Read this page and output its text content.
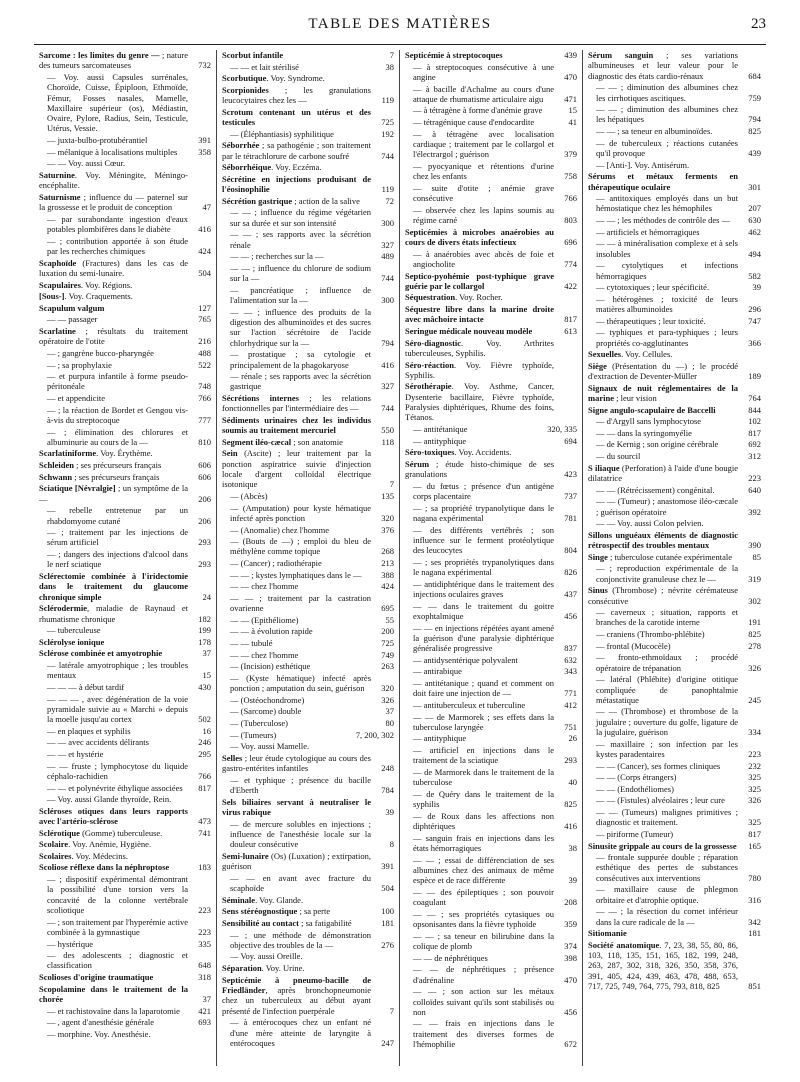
TABLE DES MATIÈRES	23
Sarcome : les limites du genre — ; nature des tumeurs sarcomateuses	732
— Voy. aussi Capsules surrénales, Choroïde, Cuisse, Épiploon, Ethmoïde, Fémur, Fosses nasales, Mamelle, Maxillaire supérieur (os), Médiastin, Ovaire, Pylore, Radius, Sein, Testicule, Utérus, Vessie.
— juxta-bulbo-protubérantiel	391
— mélanique à localisations multiples	358
— — Voy. aussi Cœur.
Saturnine. Voy. Méningite, Méningo-encéphalite.
Saturnisme ; influence du — paternel sur la grossesse et le produit de conception	47
— par surabondante ingestion d'eaux potables plombifères dans le diabète	416
— ; contribution apportée à son étude par les recherches chimiques	424
Scaphoïde (Fractures) dans les cas de luxation du semi-lunaire.	504
Scapulaires. Voy. Régions.
[Sous-]. Voy. Craquements.
Scapulum valgum	127
— — passager	765
Scarlatine ; résultats du traitement opératoire de l'otite	216
— ; gangrène bucco-pharyngée	488
— ; sa prophylaxie	522
— et purpura infantile à forme pseudo-péritonéale	748
— et appendicite	766
— ; la réaction de Bordet et Gengou vis-à-vis du streptocoque	777
— ; élimination des chlorures et albuminurie au cours de la —	810
Scarlatiniforme. Voy. Érythème.
Schleiden ; ses précurseurs français	606
Schwann ; ses précurseurs français	606
Sciatique [Névralgie] ; un symptôme de la —	206
— rebelle entretenue par un rhabdomyome cutané	206
— ; traitement par les injections de sérum artificiel	293
— ; dangers des injections d'alcool dans le nerf sciatique	293
Sclérectomie combinée à l'iridectomie dans le traitement du glaucome chronique simple	24
Sclérodermie, maladie de Raynaud et rhumatisme chronique	182
— tuberculeuse	199
Sclérolyse ionique	178
Sclérose combinée et amyotrophie	37
— latérale amyotrophique ; les troubles mentaux	15
— — — à début tardif	430
— — — , avec dégénération de la voie pyramidale suivie au « Marchi » depuis la moelle jusqu'au cortex	502
— en plaques et syphilis	16
— — avec accidents délirants	246
— — et hystérie	295
— — fruste ; lymphocytose du liquide céphalo-rachidien	766
— — et polynévrite éthylique associées	817
— Voy. aussi Glande thyroïde, Rein.
Scléroses otiques dans leurs rapports avec l'artério-sclérose	473
Sclérotique (Gomme) tuberculeuse.	741
Scolaire. Voy. Anémie, Hygiène.
Scolaires. Voy. Médecins.
Scoliose réflexe dans la néphroptose	183
— ; dispositif expérimental démontrant la possibilité d'une torsion vers la concavité de la colonne vertébrale scoliotique	223
— ; son traitement par l'hyperémie active combinée à la gymnastique	223
— hystérique	335
— des adolescents ; diagnostic et classification	648
Scolioses d'origine traumatique	318
Scopolamine dans le traitement de la chorée	37
— et rachistovaïne dans la laparotomie	421
— , agent d'anesthésie générale	693
— morphine. Voy. Anesthésie.
Scorbut infantile	7
— — et lait stérilisé	38
Scorbutique. Voy. Syndrome.
Scorpionides ; les granulations leucocytaires chez les —	119
Scrotum contenant un utérus et des testicules	725
— (Éléphantiasis) syphilitique	192
Séborrhée ; sa pathogénie ; son traitement par le tétrachlorure de carbone soufré	744
Séborrhéique. Voy. Eczéma.
Sécrétine en injections produisant de l'éosinophilie	119
Sécrétion gastrique ; action de la salive	72
— — ; influence du régime végétarien sur sa durée et sur son intensité	300
— — ; ses rapports avec la sécrétion rénale	327
— — ; recherches sur la —	489
— — ; influence du chlorure de sodium sur la —	744
— pancréatique ; influence de l'alimentation sur la —	300
— — ; influence des produits de la digestion des albuminoïdes et des sucres sur l'action sécrétoire de l'acide chlorhydrique sur la —	794
— prostatique ; sa cytologie et principalement de la phagokaryose	416
— rénale ; ses rapports avec la sécrétion gastrique	327
Sécrétions internes ; les relations fonctionnelles par l'intermédiaire des —	744
Sédiments urinaires chez les individus soumis au traitement mercuriel	550
Segment iléo-cæcal ; son anatomie	118
Sein (Ascite) ; leur traitement par la ponction aspiratrice suivie d'injection locale d'argent colloïdal électrique isotonique	7
— (Abcès)	135
— (Amputation) pour kyste hématique infecté après ponction	320
— (Anomalie) chez l'homme	376
— (Bouts de —) ; emploi du bleu de méthylène comme topique	268
— (Cancer) ; radiothérapie	213
— — ; kystes lymphatiques dans le —	388
— — chez l'homme	424
— — ; traitement par la castration ovarienne	695
— — (Epithéliome)	55
— — à évolution rapide	200
— — tubulé	725
— — chez l'homme	749
— (Incision) esthétique	263
— (Kyste hématique) infecté après ponction ; amputation du sein, guérison	320
— (Ostéochondrome)	326
— (Sarcome) double	37
— (Tuberculose)	80
— (Tumeurs)	7, 200, 302
— Voy. aussi Mamelle.
Selles ; leur étude cytologique au cours des gastro-entérites infantiles	248
— et typhique ; présence du bacille d'Eberth	784
Sels biliaires servant à neutraliser le virus rabique	39
— de mercure solubles en injections ; influence de l'anesthésie locale sur la douleur consécutive	8
Semi-lunaire (Os) (Luxation) ; extirpation, guérison	391
— — en avant avec fracture du scaphoïde	504
Séminale. Voy. Glande.
Sens stéréognostique ; sa perte	100
Sensibilité au contact ; sa fatigabilité	181
— ; une méthode de démonstration objective des troubles de la —	276
— Voy. aussi Oreille.
Séparation. Voy. Urine.
Septicémie à pneumo-bacille de Friedländer, après bronchopneumonie chez un tuberculeux au début ayant présenté de l'infection puerpérale	7
— à entérocoques chez un enfant né d'une mère atteinte de laryngite à entérocoques	247
Septicémie à streptocoques	439
— à streptocoques consécutive à une angine	470
— à bacille d'Achalme au cours d'une attaque de rhumatisme articulaire aigu	471
— à tétragène à forme d'anémie grave	15
— tétragénique cause d'endocardite	41
— à tétragène avec localisation cardiaque ; traitement par le collargol et l'électrargol ; guérison	379
— pyocyanique et rétentions d'urine chez les enfants	758
— suite d'otite ; anémie grave consécutive	766
— observée chez les lapins soumis au régime carné	803
Septicémies à microbes anaérobies au cours de divers états infectieux	696
— à anaérobies avec abcès de foie et angiocholite	774
Septico-pyohémie post-typhique grave guérie par le collargol	422
Séquestration. Voy. Rocher.
Séquestre libre dans la marine droite avec mâchoire intacte	817
Seringue médicale nouveau modèle	613
Séro-diagnostic. Voy. Arthrites tuberculeuses, Syphilis.
Séro-réaction. Voy. Fièvre typhoïde, Syphilis.
Sérothérapie. Voy. Asthme, Cancer, Dysenterie bacillaire, Fièvre typhoïde, Paralysies diphtériques, Rhume des foins, Tétanos.
— antitétanique	320, 335
— antityphique	694
Séro-toxiques. Voy. Accidents.
Sérum ; étude histo-chimique de ses granulations	423
— du fœtus ; présence d'un antigène corps placentaire	737
— ; sa propriété trypanolytique dans le nagana expérimental	781
— des différents vertébrés ; son influence sur le ferment protéolytique des leucocytes	804
— ; ses propriétés trypanolytiques dans le nagana expérimental	826
— antidiphtérique dans le traitement des injections oculaires graves	437
— — dans le traitement du goitre exophtalmique	456
— — en injections répétées ayant amené la guérison d'une paralysie diphtérique généralisée progressive	837
— antidysentérique polyvalent	632
— antirabique	343
— antitétanique ; quand et comment on doit faire une injection de —	771
— antituberculeux et tuberculine	412
— — de Marmorek ; ses effets dans la tuberculose laryngée	751
— antityphique	26
— artificiel en injections dans le traitement de la sciatique	293
— de Marmorek dans le traitement de la tuberculose	40
— de Quéry dans le traitement de la syphilis	825
— de Roux dans les affections non diphtériques	416
— sanguin frais en injections dans les états hémorragiques	38
— — ; essai de différenciation de ses albumines chez des animaux de même espèce et de race différente	39
— — des épileptiques ; son pouvoir coagulant	208
— — ; ses propriétés cytasiques ou opsonisantes dans la fièvre typhoïde	359
— — ; sa teneur en bilirubine dans la colique de plomb	374
— — de néphrétiques	398
— — de néphrétiques ; présence d'adrénaline	470
— — ; son action sur les métaux colloïdes suivant qu'ils sont stabilisés ou non	456
— — frais en injections dans le traitement des diverses formes de l'hémophilie	672
Sérum sanguin ; ses variations albumineuses et leur valeur pour le diagnostic des états cardio-rénaux	684
— — ; diminution des albumines chez les cirrhotiques ascitiques.	759
— — ; diminution des albumines chez les hépatiques	794
— — ; sa teneur en albuminoïdes.	825
— de tuberculeux ; réactions cutanées qu'il provoque	439
— [Anti-]. Voy. Antisérum.
Sérums et métaux ferments en thérapeutique oculaire	301
— antitoxiques employés dans un but hémostatique chez les hémophiles	207
— — ; les méthodes de contrôle des —	630
— artificiels et hémorragiques	462
— — à minéralisation complexe et à sels insolubles	494
— cytolytiques et infections hémorragiques	582
— cytotoxiques ; leur spécificité.	39
— hétérogènes ; toxicité de leurs matières albuminoïdes	296
— thérapeutiques ; leur toxicité.	747
— typhiques et para-typhiques ; leurs propriétés co-agglutinantes	366
Sexuelles. Voy. Cellules.
Siège (Présentation du —) ; le procédé d'extraction de Deventer-Müller	189
Signaux de nuit réglementaires de la marine ; leur vision	764
Signe angulo-scapulaire de Baccelli	844
— d'Argyll sans lymphocytose	102
— — dans la syringomyélie	817
— de Kernig ; son origine cérébrale	692
— du sourcil	312
S iliaque (Perforation) à l'aide d'une bougie dilatatrice	223
— — (Rétrécissement) congénital.	640
— — (Tumeur) ; anastomose iléo-cæcale ; guérison opératoire	392
— — Voy. aussi Colon pelvien.
Sillons unguéaux éléments de diagnostic rétrospectif des troubles mentaux	390
Singe ; tuberculose cutanée expérimentale	85
— ; reproduction expérimentale de la conjonctivite granuleuse chez le —	319
Sinus (Thrombose) ; névrite cérémateuse consécutive	302
— caverneux ; situation, rapports et branches de la carotide interne	191
— craniens (Thrombo-phlébite)	825
— frontal (Mucocèle)	278
— fronto-ethmoïdaux ; procédé opératoire de trépanation	326
— latéral (Phlébite) d'origine otitique compliquée de panophtalmie métastatique	245
— — (Thrombose) et thrombose de la jugulaire ; ouverture du golfe, ligature de la jugulaire, guérison	334
— maxillaire ; son infection par les kystes paradentaires	223
— — (Cancer), ses formes cliniques	232
— — (Corps étrangers)	325
— — (Endothéliomes)	325
— — (Fistules) alvéolaires ; leur cure	326
— — (Tumeurs) malignes primitives ; diagnostic et traitement.	325
— piriforme (Tumeur)	817
Sinusite grippale au cours de la grossesse	165
— frontale suppurée double ; réparation esthétique des pertes de substances consécutives aux interventions	780
— maxillaire cause de phlegmon orbitaire et d'atrophie optique.	316
— — ; la résection du cornet inférieur dans la cure radicale de la —	342
Sitiomanie	181
Société anatomique. 7, 23, 38, 55, 80, 86, 103, 118, 135, 151, 165, 182, 199, 248, 263, 287, 302, 318, 326, 350, 358, 376, 391, 405, 424, 439, 463, 478, 488, 653, 717, 725, 749, 764, 775, 793, 818, 825	851
